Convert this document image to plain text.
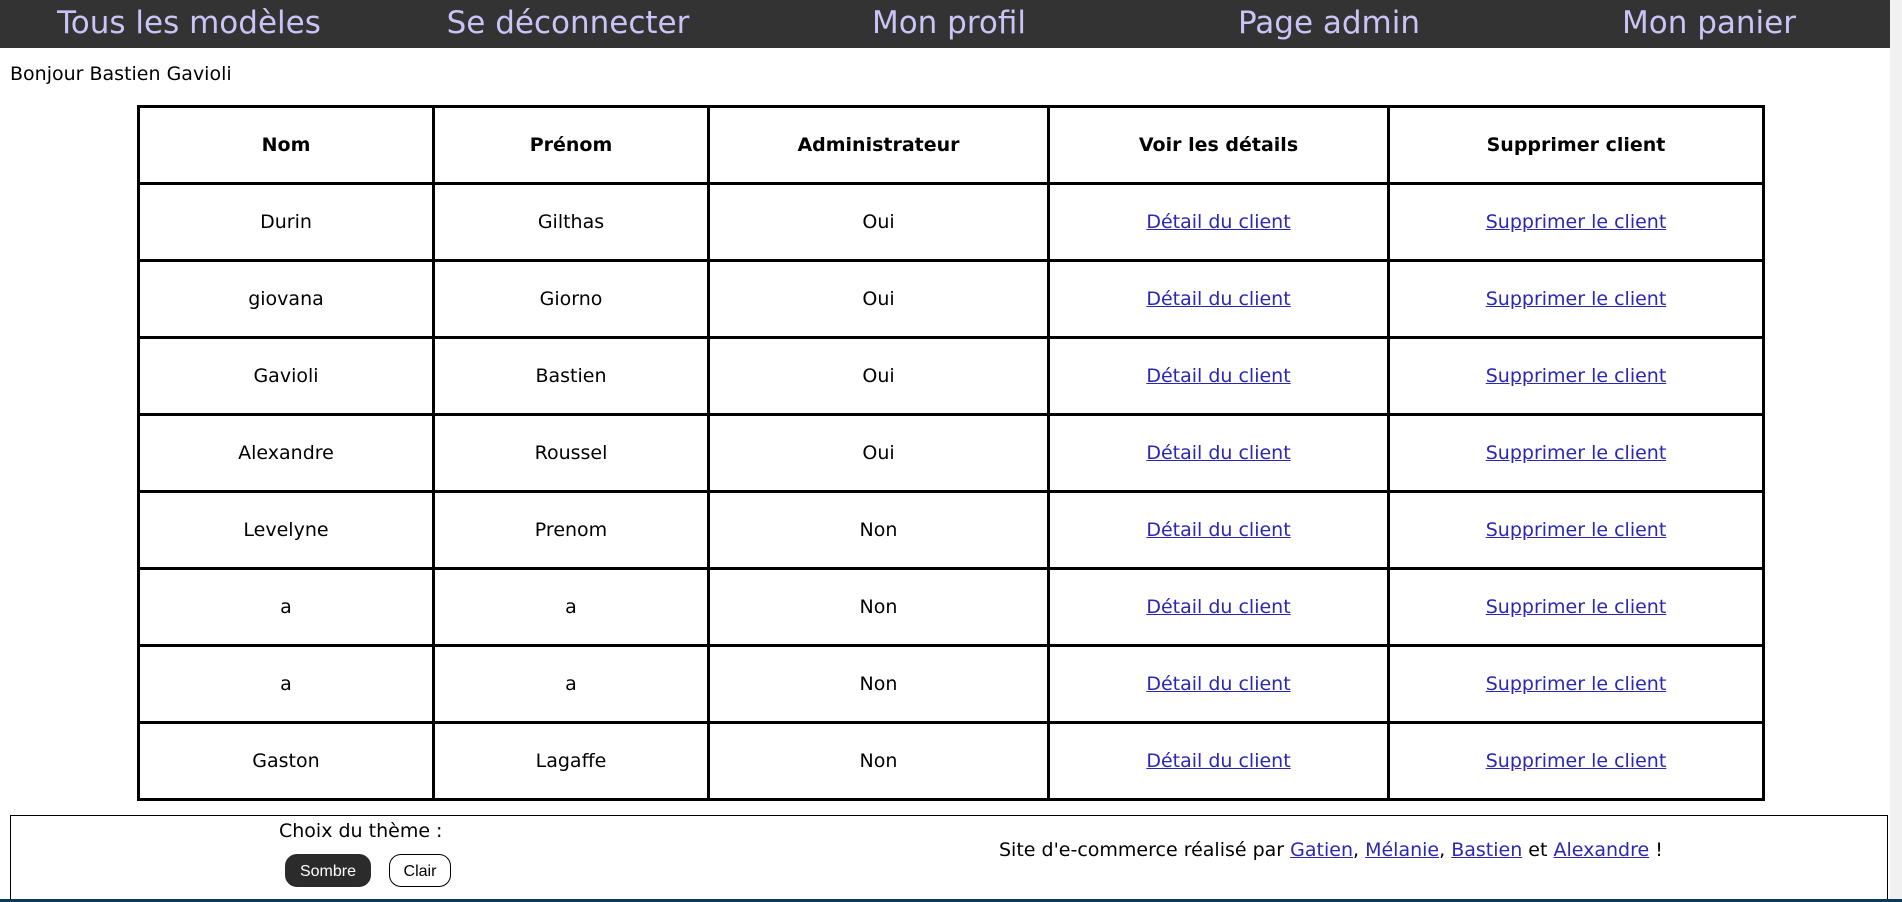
Tous les modèles	Se déconnecter	Mon profil	Page admin	Mon panier
Bonjour Bastien Gavioli
Nom	Prénom	Administrateur	Voir les détails	Supprimer client
Durin	Gilthas	Oui	Détail du client	Supprimer le client
giovana	Giorno	Oui	Détail du client	Supprimer le client
Gavioli	Bastien	Oui	Détail du client	Supprimer le client
Alexandre	Roussel	Oui	Détail du client	Supprimer le client
Levelyne	Prenom	Non	Détail du client	Supprimer le client
a	a	Non	Détail du client	Supprimer le client
a	a	Non	Détail du client	Supprimer le client
Gaston	Lagaffe	Non	Détail du client	Supprimer le client
Choix du thème :
Sombre	Clair
Site d'e-commerce réalisé par Gatien, Mélanie, Bastien et Alexandre !
